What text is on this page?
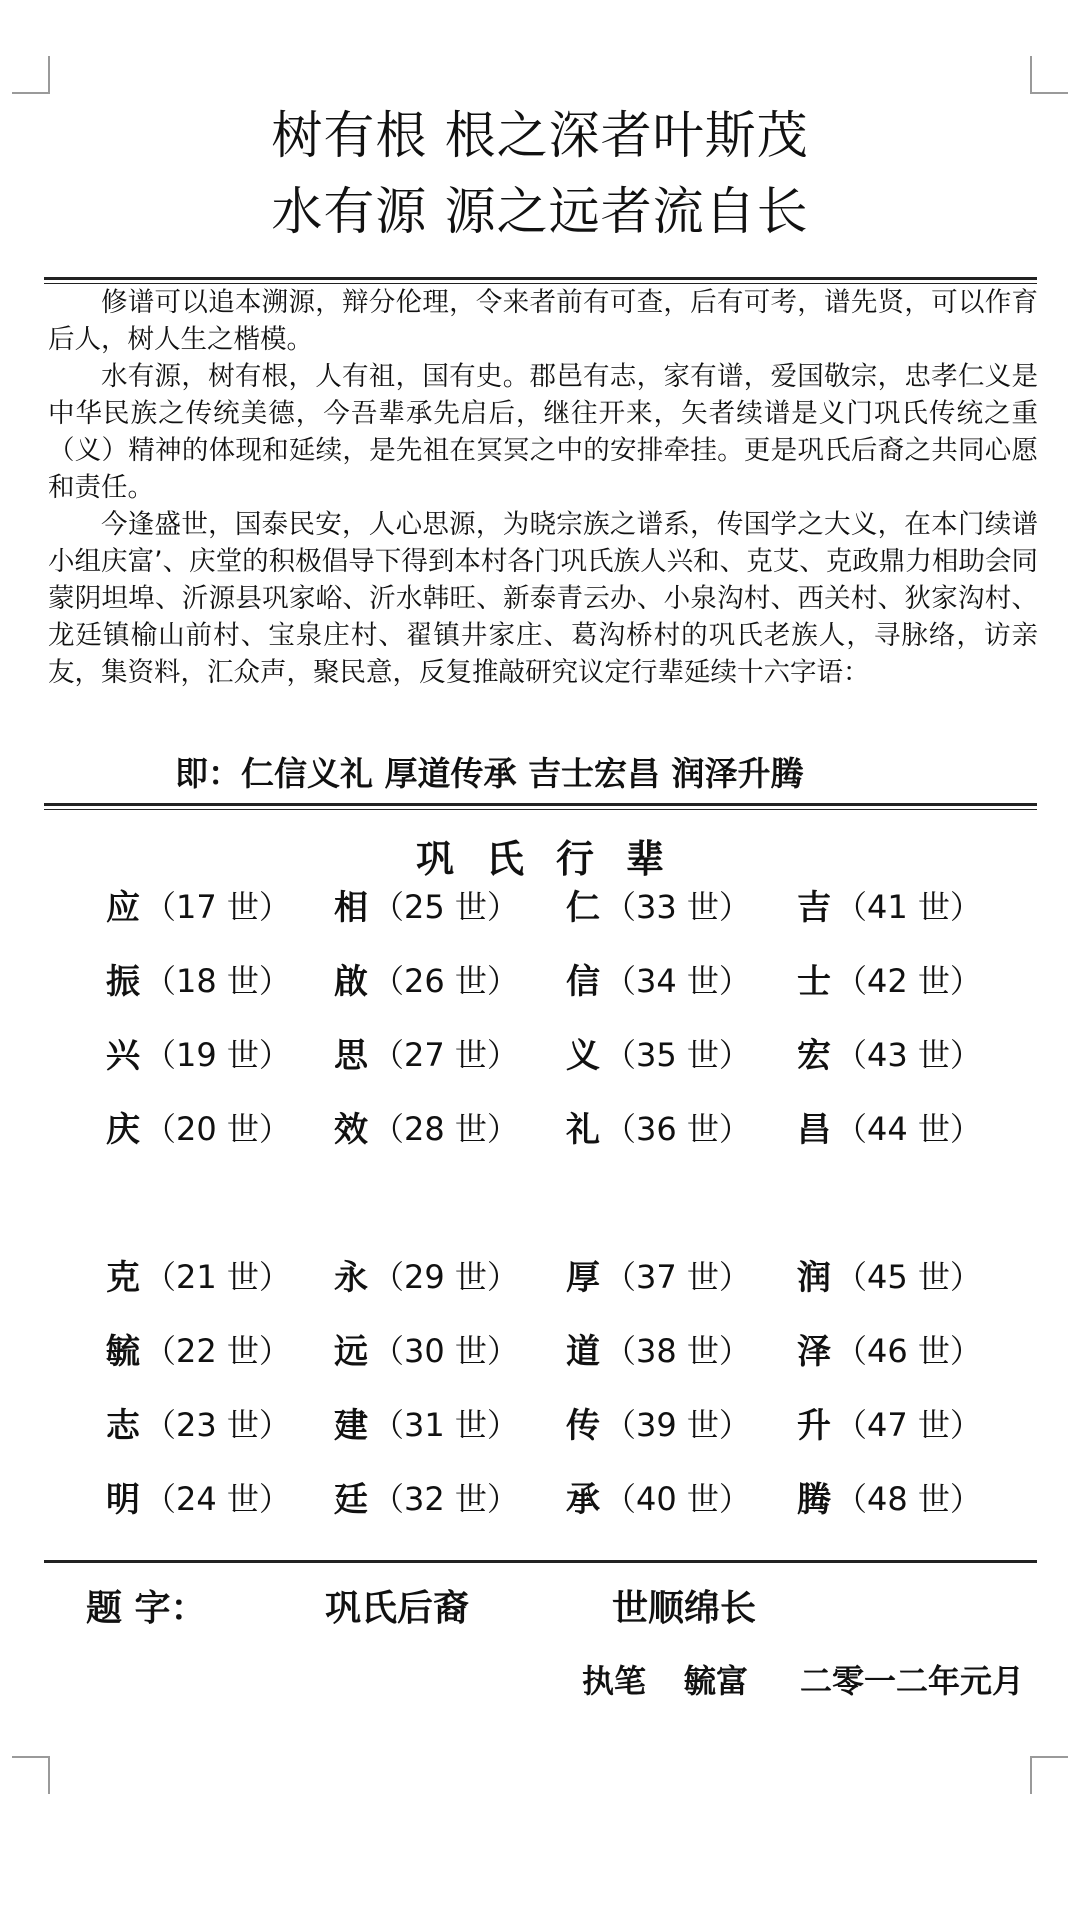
树有根 根之深者叶斯茂
水有源 源之远者流自长

修谱可以追本溯源，辩分伦理，令来者前有可查，后有可考，谱先贤，可以作育后人，树人生之楷模。

水有源，树有根，人有祖，国有史。郡邑有志，家有谱，爱国敬宗，忠孝仁义是中华民族之传统美德，今吾辈承先启后，继往开来，矢者续谱是义门巩氏传统之重（义）精神的体现和延续，是先祖在冥冥之中的安排牵挂。更是巩氏后裔之共同心愿和责任。

今逢盛世，国泰民安，人心思源，为晓宗族之谱系，传国学之大义，在本门续谱小组庆富’、庆堂的积极倡导下得到本村各门巩氏族人兴和、克艾、克政鼎力相助会同蒙阴坦埠、沂源县巩家峪、沂水韩旺、新泰青云办、小泉沟村、西关村、狄家沟村、龙廷镇榆山前村、宝泉庄村、翟镇井家庄、葛沟桥村的巩氏老族人，寻脉络，访亲友，集资料，汇众声，聚民意，反复推敲研究议定行辈延续十六字语：

即：仁信义礼 厚道传承 吉士宏昌 润泽升腾
巩氏行辈
应 （17 世）
振 （18 世）
兴 （19 世）
庆 （20 世）
克 （21 世）
毓 （22 世）
志 （23 世）
明 （24 世）
相 （25 世）
啟 （26 世）
思 （27 世）
效 （28 世）
永 （29 世）
远 （30 世）
建 （31 世）
廷 （32 世）
仁 （33 世）
信 （34 世）
义 （35 世）
礼 （36 世）
厚 （37 世）
道 （38 世）
传 （39 世）
承 （40 世）
吉 （41 世）
士 （42 世）
宏 （43 世）
昌 （44 世）
润 （45 世）
泽 （46 世）
升 （47 世）
腾 （48 世）
题 字：	巩氏后裔	世顺绵长
执笔 毓富 二零一二年元月
